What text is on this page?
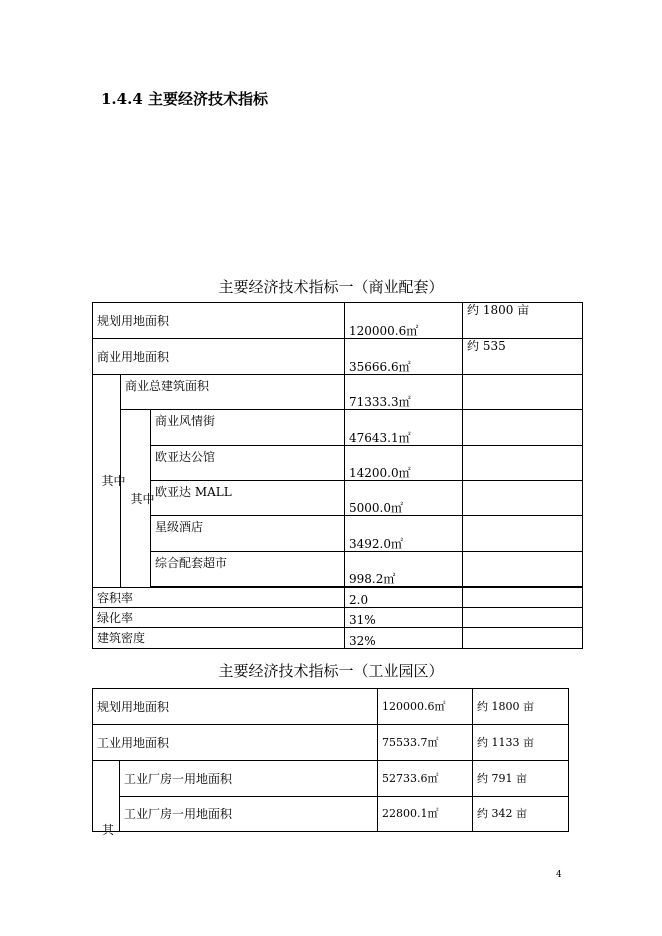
1.4.4 主要经济技术指标

主要经济技术指标一（商业配套）

规划用地面积			120000.6㎡	约 1800 亩
商业用地面积			35666.6㎡	约 535

其中	商业总建筑面积		71333.3㎡	

	其中	商业风情街	47643.1㎡	
		欧亚达公馆	14200.0㎡	
		欧亚达 MALL	5000.0㎡	
		星级酒店	3492.0㎡	
		综合配套超市	998.2㎡	

容积率			2.0	
绿化率			31%	
建筑密度			32%	

主要经济技术指标一（工业园区）

规划用地面积		120000.6㎡	约 1800 亩
工业用地面积		75533.7㎡	约 1133 亩

其	工业厂房一用地面积	52733.6㎡	约 791 亩
	工业厂房一用地面积	22800.1㎡	约 342 亩
4
